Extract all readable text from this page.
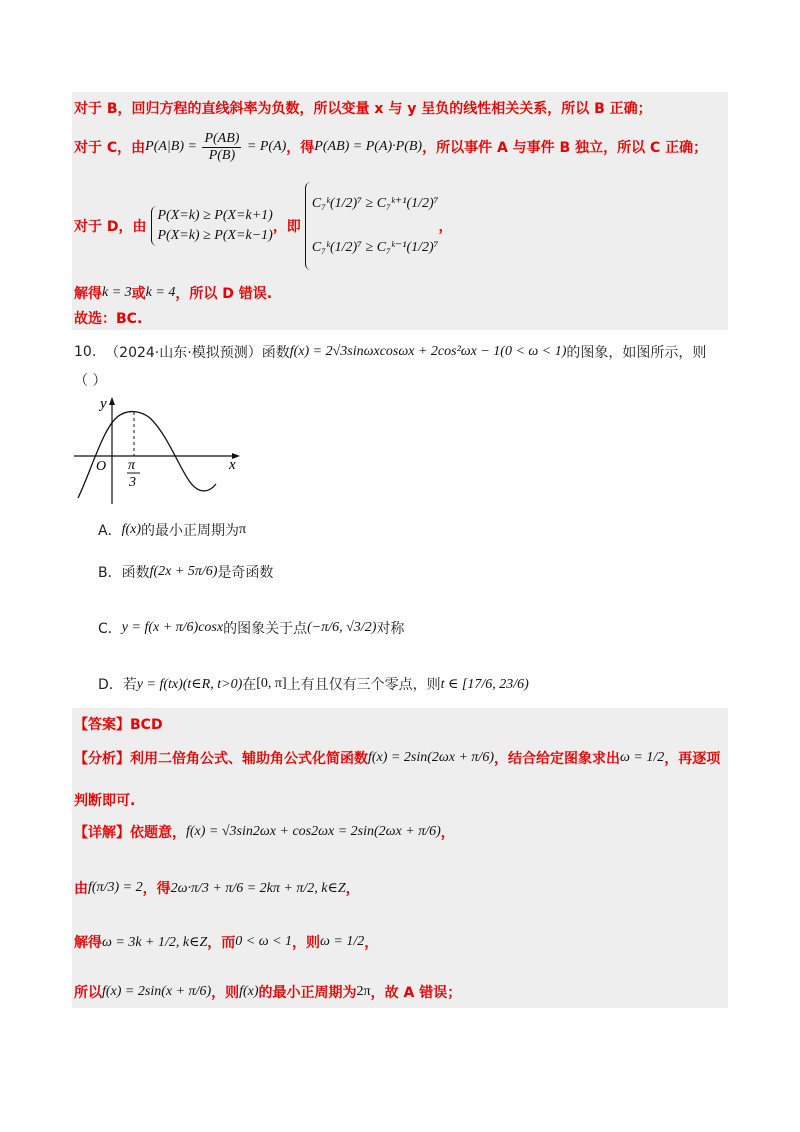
对于 B，回归方程的直线斜率为负数，所以变量 x 与 y 呈负的线性相关关系，所以 B 正确；
对于 C，由 $P(A|B) = \frac{P(AB)}{P(B)} = P(A)$ ，得 P(AB) = P(A)·P(B) ，所以事件 A 与事件 B 独立，所以 C 正确；
对于 D，由
P(X=k) ≥ P(X=k+1)
P(X=k) ≥ P(X=k−1)
，即
C₇ᵏ(1/2)⁷ ≥ C₇ᵏ⁺¹(1/2)⁷
C₇ᵏ(1/2)⁷ ≥ C₇ᵏ⁻¹(1/2)⁷
，
解得 k = 3 或 k = 4 ，所以 D 错误.
故选：BC.
10.
（2024·山东·模拟预测）函数 f(x) = 2√3sinωxcosωx + 2cos²ωx − 1(0 < ω < 1) 的图象，如图所示，则
（ ）
y
x
O π
3
A． f(x) 的最小正周期为 π
B．函数 f(2x + 5π/6) 是奇函数
C． y = f(x + π/6)cosx 的图象关于点 (−π/6, √3/2) 对称
D．若 y = f(tx)(t∈R, t>0) 在 [0, π] 上有且仅有三个零点，则 t ∈ [17/6, 23/6)
【答案】BCD
【分析】利用二倍角公式、辅助角公式化简函数 f(x) = 2sin(2ωx + π/6) ，结合给定图象求出 ω = 1/2 ，再逐项
判断即可.
【详解】依题意， f(x) = √3sin2ωx + cos2ωx = 2sin(2ωx + π/6) ，
由 f(π/3) = 2 ，得 2ω·π/3 + π/6 = 2kπ + π/2, k∈Z ，
解得 ω = 3k + 1/2, k∈Z ，而 0 < ω < 1 ，则 ω = 1/2 ，
所以 f(x) = 2sin(x + π/6) ，则 f(x) 的最小正周期为 2π ，故 A 错误；
